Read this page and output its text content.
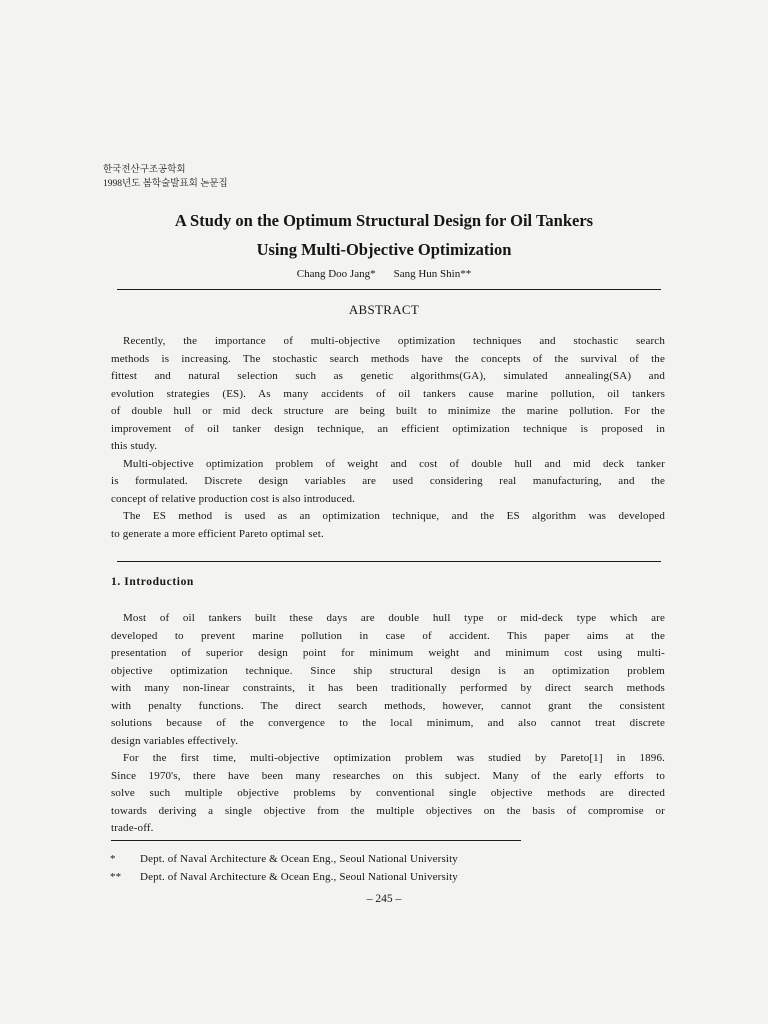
한국전산구조공학회
1998년도 봄학술발표회 논문집
A Study on the Optimum Structural Design for Oil Tankers
Using Multi-Objective Optimization
Chang Doo Jang* Sang Hun Shin**
ABSTRACT
Recently, the importance of multi-objective optimization techniques and stochastic search
methods is increasing. The stochastic search methods have the concepts of the survival of the
fittest and natural selection such as genetic algorithms(GA), simulated annealing(SA) and
evolution strategies (ES). As many accidents of oil tankers cause marine pollution, oil tankers
of double hull or mid deck structure are being built to minimize the marine pollution. For the
improvement of oil tanker design technique, an efficient optimization technique is proposed in
this study.
Multi-objective optimization problem of weight and cost of double hull and mid deck tanker
is formulated. Discrete design variables are used considering real manufacturing, and the
concept of relative production cost is also introduced.
The ES method is used as an optimization technique, and the ES algorithm was developed
to generate a more efficient Pareto optimal set.
1. Introduction
Most of oil tankers built these days are double hull type or mid-deck type which are
developed to prevent marine pollution in case of accident. This paper aims at the
presentation of superior design point for minimum weight and minimum cost using multi-
objective optimization technique. Since ship structural design is an optimization problem
with many non-linear constraints, it has been traditionally performed by direct search methods
with penalty functions. The direct search methods, however, cannot grant the consistent
solutions because of the convergence to the local minimum, and also cannot treat discrete
design variables effectively.
For the first time, multi-objective optimization problem was studied by Pareto[1] in 1896.
Since 1970's, there have been many researches on this subject. Many of the early efforts to
solve such multiple objective problems by conventional single objective methods are directed
towards deriving a single objective from the multiple objectives on the basis of compromise or
trade-off.
* Dept. of Naval Architecture & Ocean Eng., Seoul National University
** Dept. of Naval Architecture & Ocean Eng., Seoul National University
– 245 –
